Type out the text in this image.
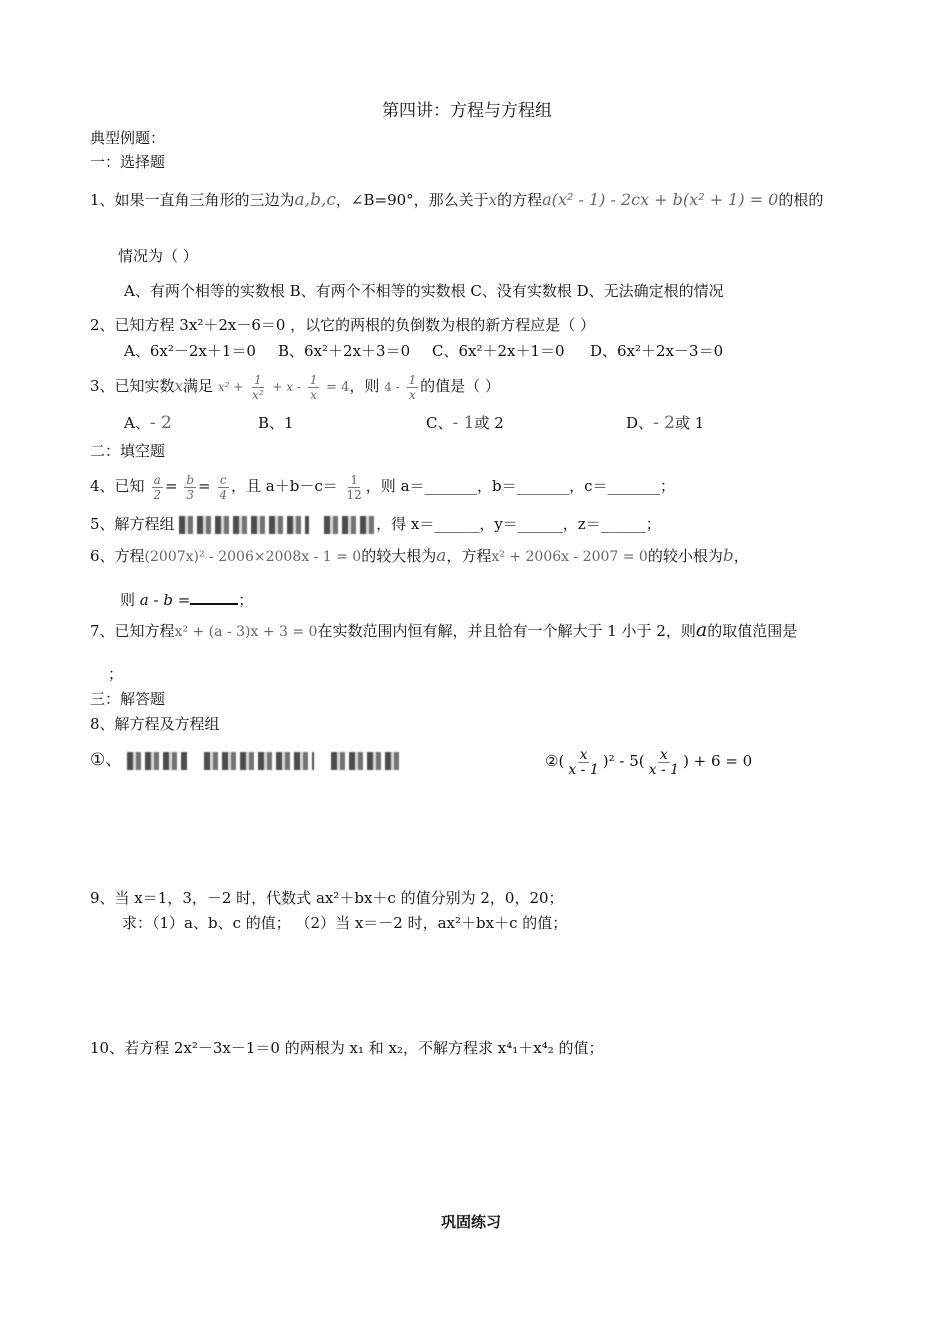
第四讲：方程与方程组
典型例题：
一：选择题
1、如果一直角三角形的三边为a,b,c，∠B=90°，那么关于x的方程a(x² - 1) - 2cx + b(x² + 1) = 0的根的
情况为（ ）
A、有两个相等的实数根 B、有两个不相等的实数根 C、没有实数根 D、无法确定根的情况
2、已知方程 3x²＋2x－6＝0 ，以它的两根的负倒数为根的新方程应是（ ）
A、6x²－2x＋1＝0 B、6x²＋2x＋3＝0 C、6x²＋2x＋1＝0 D、6x²＋2x－3＝0
3、已知实数x满足 $x^2 + \frac{1}{\text{x²}} + x - \frac{1}{x} = 4$，则 $4 - \frac{1}{x}$ 的值是（ ）
A、- 2	B、1	C、- 1或 2	D、- 2或 1
二：填空题
4、已知 $\frac{a}{2} = \frac{b}{3} = \frac{c}{4}$ ，且 $a+b-c= \frac{1}{12}$ ，则 a＝_______，b＝_______，c＝_______；
5、解方程组	，得 x＝______，y＝______，z＝______；
6、方程(2007x)² - 2006×2008x - 1 = 0的较大根为a，方程x² + 2006x - 2007 = 0的较小根为b，
则 a - b =	；
7、已知方程x² + (a - 3)x + 3 = 0在实数范围内恒有解，并且恰有一个解大于 1 小于 2，则a的取值范围是
；
三：解答题
8、解方程及方程组
①、	②( $\frac{x}{x - 1} )^2 - 5( \frac{x}{x - 1}$ ) + 6 = 0
9、当 x＝1，3，－2 时，代数式 ax²＋bx＋c 的值分别为 2，0，20；
求：（1）a、b、c 的值； （2）当 x＝－2 时，ax²＋bx＋c 的值；
10、若方程 2x²－3x－1＝0 的两根为 x₁ 和 x₂，不解方程求 x⁴₁＋x⁴₂ 的值；
巩固练习
